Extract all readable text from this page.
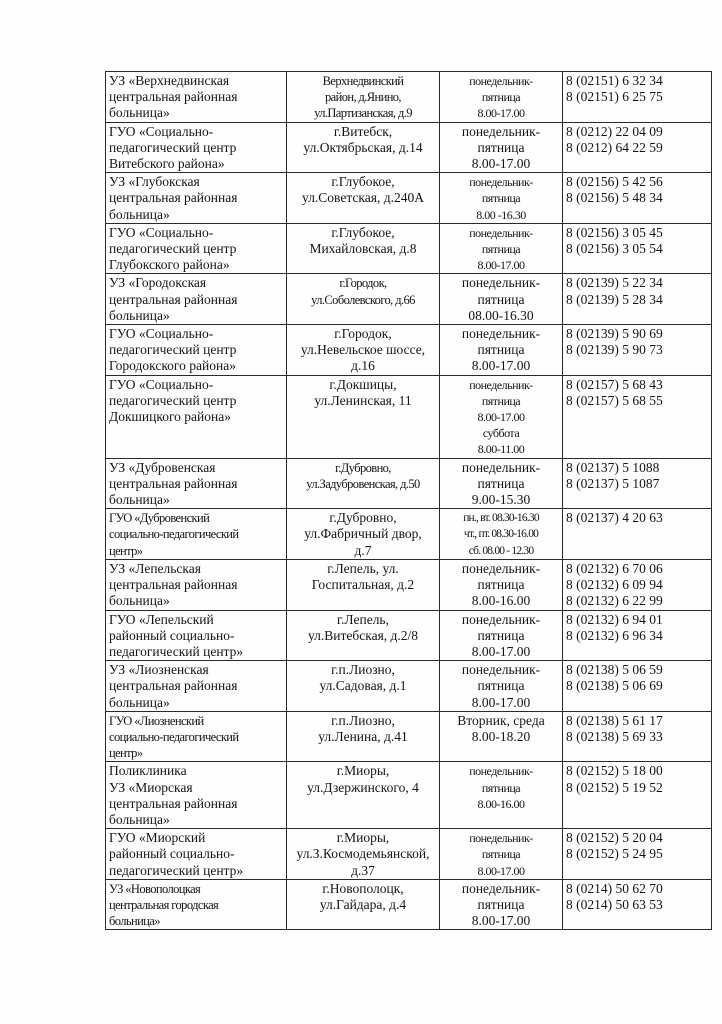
УЗ «Верхнедвинская
центральная районная
больница»	Верхнедвинский
район, д.Янино,
ул.Партизанская, д.9	понедельник-
пятница
8.00-17.00	8 (02151) 6 32 34
8 (02151) 6 25 75

ГУО «Социально-
педагогический центр
Витебского района»	г.Витебск,
ул.Октябрьская, д.14	понедельник-
пятница
8.00-17.00	8 (0212) 22 04 09
8 (0212) 64 22 59

УЗ «Глубокская
центральная районная
больница»	г.Глубокое,
ул.Советская, д.240А	понедельник-
пятница
8.00 -16.30	8 (02156) 5 42 56
8 (02156) 5 48 34

ГУО «Социально-
педагогический центр
Глубокского района»	г.Глубокое,
Михайловская, д.8	понедельник-
пятница
8.00-17.00	8 (02156) 3 05 45
8 (02156) 3 05 54

УЗ «Городокская
центральная районная
больница»	г.Городок,
ул.Соболевского, д.66	понедельник-
пятница
08.00-16.30	8 (02139) 5 22 34
8 (02139) 5 28 34

ГУО «Социально-
педагогический центр
Городокского района»	г.Городок,
ул.Невельское шоссе,
д.16	понедельник-
пятница
8.00-17.00	8 (02139) 5 90 69
8 (02139) 5 90 73

ГУО «Социально-
педагогический центр
Докшицкого района»	г.Докшицы,
ул.Ленинская, 11	понедельник-
пятница
8.00-17.00
суббота
8.00-11.00	8 (02157) 5 68 43
8 (02157) 5 68 55

УЗ «Дубровенская
центральная районная
больница»	г.Дубровно,
ул.Задубровенская, д.50	понедельник-
пятница
9.00-15.30	8 (02137) 5 1088
8 (02137) 5 1087

ГУО «Дубровенский
социально-педагогический
центр»	г.Дубровно,
ул.Фабричный двор,
д.7	пн., вт. 08.30-16.30
чт., пт. 08.30-16.00
сб. 08.00 - 12.30	8 (02137) 4 20 63

УЗ «Лепельская
центральная районная
больница»	г.Лепель, ул.
Госпитальная, д.2	понедельник-
пятница
8.00-16.00	8 (02132) 6 70 06
8 (02132) 6 09 94
8 (02132) 6 22 99

ГУО «Лепельский
районный социально-
педагогический центр»	г.Лепель,
ул.Витебская, д.2/8	понедельник-
пятница
8.00-17.00	8 (02132) 6 94 01
8 (02132) 6 96 34

УЗ «Лиозненская
центральная районная
больница»	г.п.Лиозно,
ул.Садовая, д.1	понедельник-
пятница
8.00-17.00	8 (02138) 5 06 59
8 (02138) 5 06 69

ГУО «Лиозненский
социально-педагогический
центр»	г.п.Лиозно,
ул.Ленина, д.41	Вторник, среда
8.00-18.20	8 (02138) 5 61 17
8 (02138) 5 69 33

Поликлиника
УЗ «Миорская
центральная районная
больница»	г.Миоры,
ул.Дзержинского, 4	понедельник-
пятница
8.00-16.00	8 (02152) 5 18 00
8 (02152) 5 19 52

ГУО «Миорский
районный социально-
педагогический центр»	г.Миоры,
ул.З.Космодемьянской,
д.37	понедельник-
пятница
8.00-17.00	8 (02152) 5 20 04
8 (02152) 5 24 95

УЗ «Новополоцкая
центральная городская
больница»	г.Новополоцк,
ул.Гайдара, д.4	понедельник-
пятница
8.00-17.00	8 (0214) 50 62 70
8 (0214) 50 63 53
